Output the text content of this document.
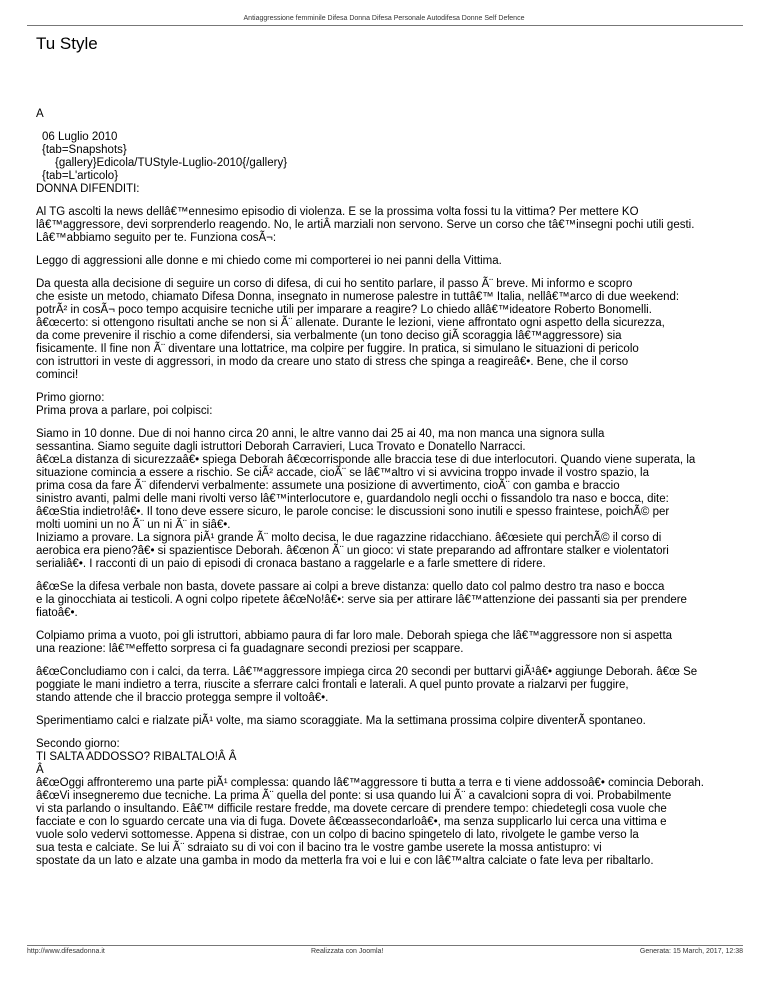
Antiaggressione femminile Difesa Donna Difesa Personale Autodifesa Donne Self Defence
Tu Style
Â
06 Luglio 2010
{tab=Snapshots}
{gallery}Edicola/TUStyle-Luglio-2010{/gallery}
{tab=L'articolo}
DONNA DIFENDITI:
Al TG ascolti la news dellâ€™ennesimo episodio di violenza. E se la prossima volta fossi tu la vittima? Per mettere KO
lâ€™aggressore, devi sorprenderlo reagendo. No, le artiÂ marziali non servono. Serve un corso che tâ€™insegni pochi utili gesti.
Lâ€™abbiamo seguito per te. Funziona cosÃ¬:
Leggo di aggressioni alle donne e mi chiedo come mi comporterei io nei panni della Vittima.
Da questa alla decisione di seguire un corso di difesa, di cui ho sentito parlare, il passo Ã¨ breve. Mi informo e scopro
che esiste un metodo, chiamato Difesa Donna, insegnato in numerose palestre in tuttâ€™ Italia, nellâ€™arco di due weekend:
potrÃ² in cosÃ¬ poco tempo acquisire tecniche utili per imparare a reagire? Lo chiedo allâ€™ideatore Roberto Bonomelli.
â€œcerto: si ottengono risultati anche se non si Ã¨ allenate. Durante le lezioni, viene affrontato ogni aspetto della sicurezza,
da come prevenire il rischio a come difendersi, sia verbalmente (un tono deciso giÃ scoraggia lâ€™aggressore) sia
fisicamente. Il fine non Ã¨ diventare una lottatrice, ma colpire per fuggire. In pratica, si simulano le situazioni di pericolo
con istruttori in veste di aggressori, in modo da creare uno stato di stress che spinga a reagireâ€•. Bene, che il corso
cominci!
Primo giorno:
Prima prova a parlare, poi colpisci:
Siamo in 10 donne. Due di noi hanno circa 20 anni, le altre vanno dai 25 ai 40, ma non manca una signora sulla
sessantina. Siamo seguite dagli istruttori Deborah Carravieri, Luca Trovato e Donatello Narracci.
â€œLa distanza di sicurezzaâ€• spiega Deborah â€œcorrisponde alle braccia tese di due interlocutori. Quando viene superata, la
situazione comincia a essere a rischio. Se ciÃ² accade, cioÃ¨ se lâ€™altro vi si avvicina troppo invade il vostro spazio, la
prima cosa da fare Ã¨ difendervi verbalmente: assumete una posizione di avvertimento, cioÃ¨ con gamba e braccio
sinistro avanti, palmi delle mani rivolti verso lâ€™interlocutore e, guardandolo negli occhi o fissandolo tra naso e bocca, dite:
â€œStia indietro!â€•. Il tono deve essere sicuro, le parole concise: le discussioni sono inutili e spesso fraintese, poichÃ© per
molti uomini un no Ã¨ un ni Ã¨ in siâ€•.
Iniziamo a provare. La signora piÃ¹ grande Ã¨ molto decisa, le due ragazzine ridacchiano. â€œsiete qui perchÃ© il corso di
aerobica era pieno?â€• si spazientisce Deborah. â€œnon Ã¨ un gioco: vi state preparando ad affrontare stalker e violentatori
serialiâ€•. I racconti di un paio di episodi di cronaca bastano a raggelarle e a farle smettere di ridere.
â€œSe la difesa verbale non basta, dovete passare ai colpi a breve distanza: quello dato col palmo destro tra naso e bocca
e la ginocchiata ai testicoli. A ogni colpo ripetete â€œNo!â€•: serve sia per attirare lâ€™attenzione dei passanti sia per prendere
fiatoâ€•.
Colpiamo prima a vuoto, poi gli istruttori, abbiamo paura di far loro male. Deborah spiega che lâ€™aggressore non si aspetta
una reazione: lâ€™effetto sorpresa ci fa guadagnare secondi preziosi per scappare.
â€œConcludiamo con i calci, da terra. Lâ€™aggressore impiega circa 20 secondi per buttarvi giÃ¹â€• aggiunge Deborah. â€œ Se
poggiate le mani indietro a terra, riuscite a sferrare calci frontali e laterali. A quel punto provate a rialzarvi per fuggire,
stando attende che il braccio protegga sempre il voltoâ€•.
Sperimentiamo calci e rialzate piÃ¹ volte, ma siamo scoraggiate. Ma la settimana prossima colpire diventerÃ spontaneo.
Secondo giorno:
TI SALTA ADDOSSO? RIBALTALO!Â Â
Â
â€œOggi affronteremo una parte piÃ¹ complessa: quando lâ€™aggressore ti butta a terra e ti viene addossoâ€• comincia Deborah.
â€œVi insegneremo due tecniche. La prima Ã¨ quella del ponte: si usa quando lui Ã¨ a cavalcioni sopra di voi. Probabilmente
vi sta parlando o insultando. Eâ€™ difficile restare fredde, ma dovete cercare di prendere tempo: chiedetegli cosa vuole che
facciate e con lo sguardo cercate una via di fuga. Dovete â€œassecondarloâ€•, ma senza supplicarlo lui cerca una vittima e
vuole solo vedervi sottomesse. Appena si distrae, con un colpo di bacino spingetelo di lato, rivolgete le gambe verso la
sua testa e calciate. Se lui Ã¨ sdraiato su di voi con il bacino tra le vostre gambe userete la mossa antistupro: vi
spostate da un lato e alzate una gamba in modo da metterla fra voi e lui e con lâ€™altra calciate o fate leva per ribaltarlo.
http://www.difesadonna.it	Realizzata con Joomla!	Generata: 15 March, 2017, 12:38
